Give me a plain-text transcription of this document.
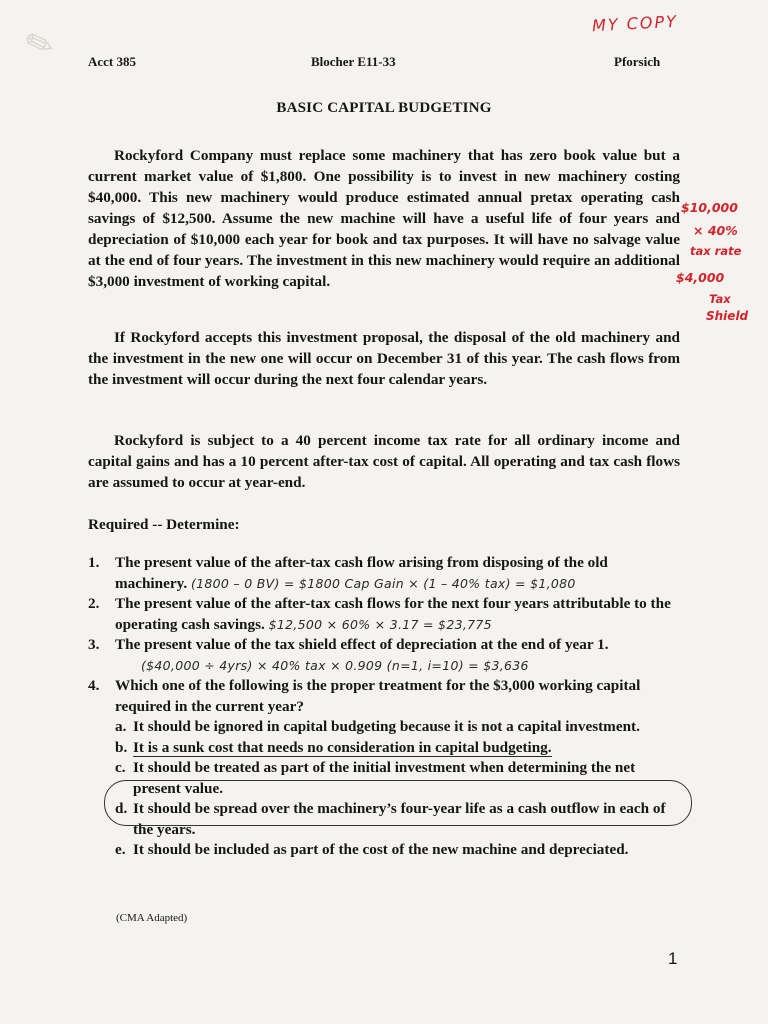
✎	Acct 385	Blocher E11-33	Pforsich
MY COPY
BASIC CAPITAL BUDGETING

Rockyford Company must replace some machinery that has zero book value but a current market value of $1,800. One possibility is to invest in new machinery costing $40,000. This new machinery would produce estimated annual pretax operating cash savings of $12,500. Assume the new machine will have a useful life of four years and depreciation of $10,000 each year for book and tax purposes. It will have no salvage value at the end of four years. The investment in this new machinery would require an additional $3,000 investment of working capital.

$10,000
× 40%
tax rate
$4,000
Tax
Shield

If Rockyford accepts this investment proposal, the disposal of the old machinery and the investment in the new one will occur on December 31 of this year. The cash flows from the investment will occur during the next four calendar years.

Rockyford is subject to a 40 percent income tax rate for all ordinary income and capital gains and has a 10 percent after-tax cost of capital. All operating and tax cash flows are assumed to occur at year-end.

Required -- Determine:
1. The present value of the after-tax cash flow arising from disposing of the old machinery. (1800 – 0 BV) = $1800 Cap Gain × (1 – 40% tax) = $1,080
2. The present value of the after-tax cash flows for the next four years attributable to the operating cash savings. $12,500 × 60% × 3.17 = $23,775
3. The present value of the tax shield effect of depreciation at the end of year 1. ($40,000 ÷ 4yrs) × 40% tax × 0.909 (n=1, i=10) = $3,636
4. Which one of the following is the proper treatment for the $3,000 working capital required in the current year?
a. It should be ignored in capital budgeting because it is not a capital investment.
b. It is a sunk cost that needs no consideration in capital budgeting.
c. It should be treated as part of the initial investment when determining the net present value.
d. It should be spread over the machinery’s four-year life as a cash outflow in each of the years.
e. It should be included as part of the cost of the new machine and depreciated.
(CMA Adapted)
1
